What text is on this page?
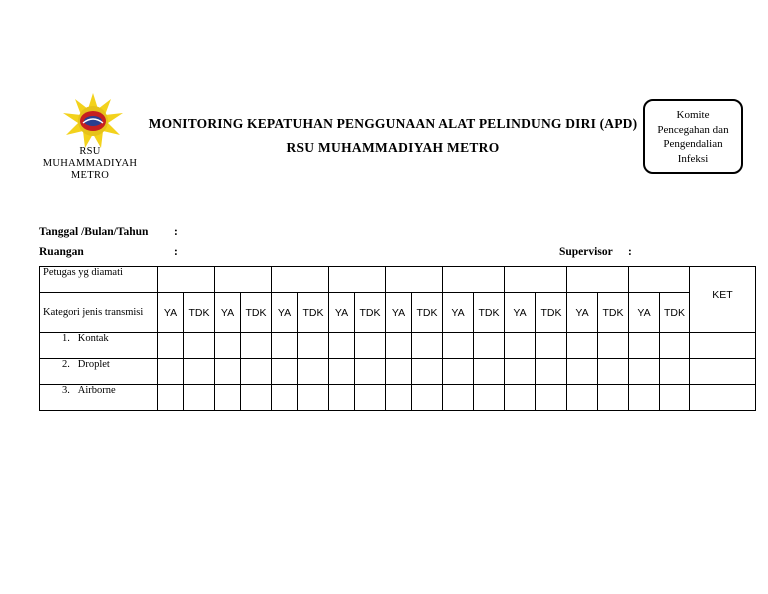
RSU
MUHAMMADIYAH
METRO
MONITORING KEPATUHAN PENGGUNAAN ALAT PELINDUNG DIRI (APD)
RSU MUHAMMADIYAH METRO
Komite
Pencegahan dan
Pengendalian
Infeksi
Tanggal /Bulan/Tahun :
Ruangan	:	Supervisor :
Petugas yg diamati																			KET
Kategori jenis transmisi	YA	TDK	YA	TDK	YA	TDK	YA	TDK	YA	TDK	YA	TDK	YA	TDK	YA	TDK	YA	TDK	
1. Kontak																			
2. Droplet																			
3. Airborne																			
